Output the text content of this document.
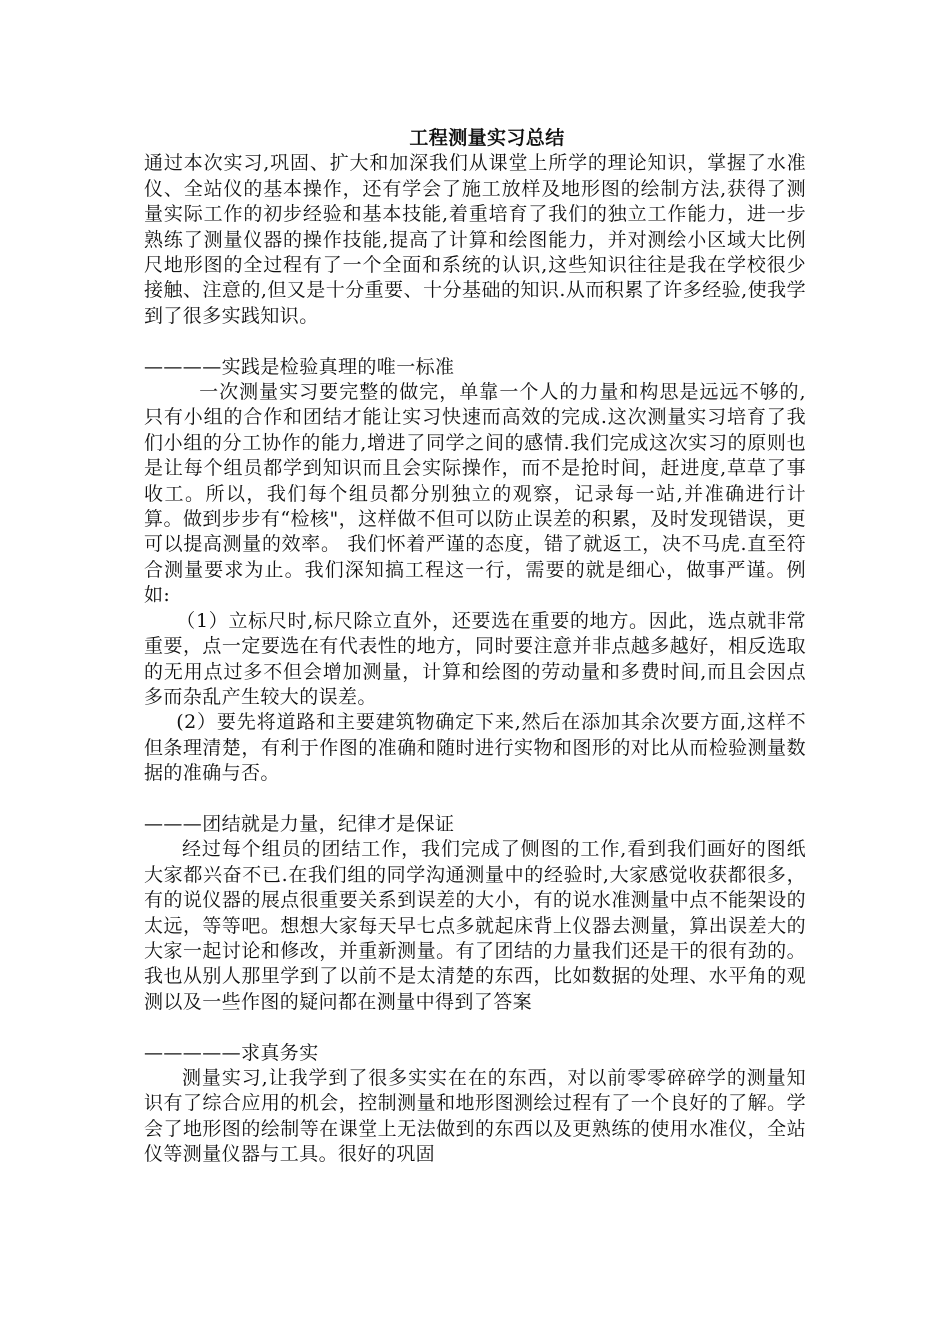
工程测量实习总结

通过本次实习,巩固、扩大和加深我们从课堂上所学的理论知识，掌握了水准仪、全站仪的基本操作，还有学会了施工放样及地形图的绘制方法,获得了测量实际工作的初步经验和基本技能,着重培育了我们的独立工作能力，进一步熟练了测量仪器的操作技能,提高了计算和绘图能力，并对测绘小区域大比例尺地形图的全过程有了一个全面和系统的认识,这些知识往往是我在学校很少接触、注意的,但又是十分重要、十分基础的知识.从而积累了许多经验,使我学到了很多实践知识。

————实践是检验真理的唯一标准

一次测量实习要完整的做完，单靠一个人的力量和构思是远远不够的,只有小组的合作和团结才能让实习快速而高效的完成.这次测量实习培育了我们小组的分工协作的能力,增进了同学之间的感情.我们完成这次实习的原则也是让每个组员都学到知识而且会实际操作，而不是抢时间，赶进度,草草了事收工。所以，我们每个组员都分别独立的观察，记录每一站,并准确进行计算。做到步步有“检核"，这样做不但可以防止误差的积累，及时发现错误，更可以提高测量的效率。 我们怀着严谨的态度，错了就返工，决不马虎.直至符合测量要求为止。我们深知搞工程这一行，需要的就是细心，做事严谨。例如:

（1）立标尺时,标尺除立直外，还要选在重要的地方。因此，选点就非常重要，点一定要选在有代表性的地方，同时要注意并非点越多越好，相反选取的无用点过多不但会增加测量，计算和绘图的劳动量和多费时间,而且会因点多而杂乱产生较大的误差。

(2）要先将道路和主要建筑物确定下来,然后在添加其余次要方面,这样不但条理清楚，有利于作图的准确和随时进行实物和图形的对比从而检验测量数据的准确与否。

———团结就是力量，纪律才是保证

经过每个组员的团结工作，我们完成了侧图的工作,看到我们画好的图纸大家都兴奋不已.在我们组的同学沟通测量中的经验时,大家感觉收获都很多，有的说仪器的展点很重要关系到误差的大小，有的说水准测量中点不能架设的太远，等等吧。想想大家每天早七点多就起床背上仪器去测量，算出误差大的大家一起讨论和修改，并重新测量。有了团结的力量我们还是干的很有劲的。我也从别人那里学到了以前不是太清楚的东西，比如数据的处理、水平角的观测以及一些作图的疑问都在测量中得到了答案

—————求真务实

测量实习,让我学到了很多实实在在的东西，对以前零零碎碎学的测量知识有了综合应用的机会，控制测量和地形图测绘过程有了一个良好的了解。学会了地形图的绘制等在课堂上无法做到的东西以及更熟练的使用水准仪，全站仪等测量仪器与工具。很好的巩固
